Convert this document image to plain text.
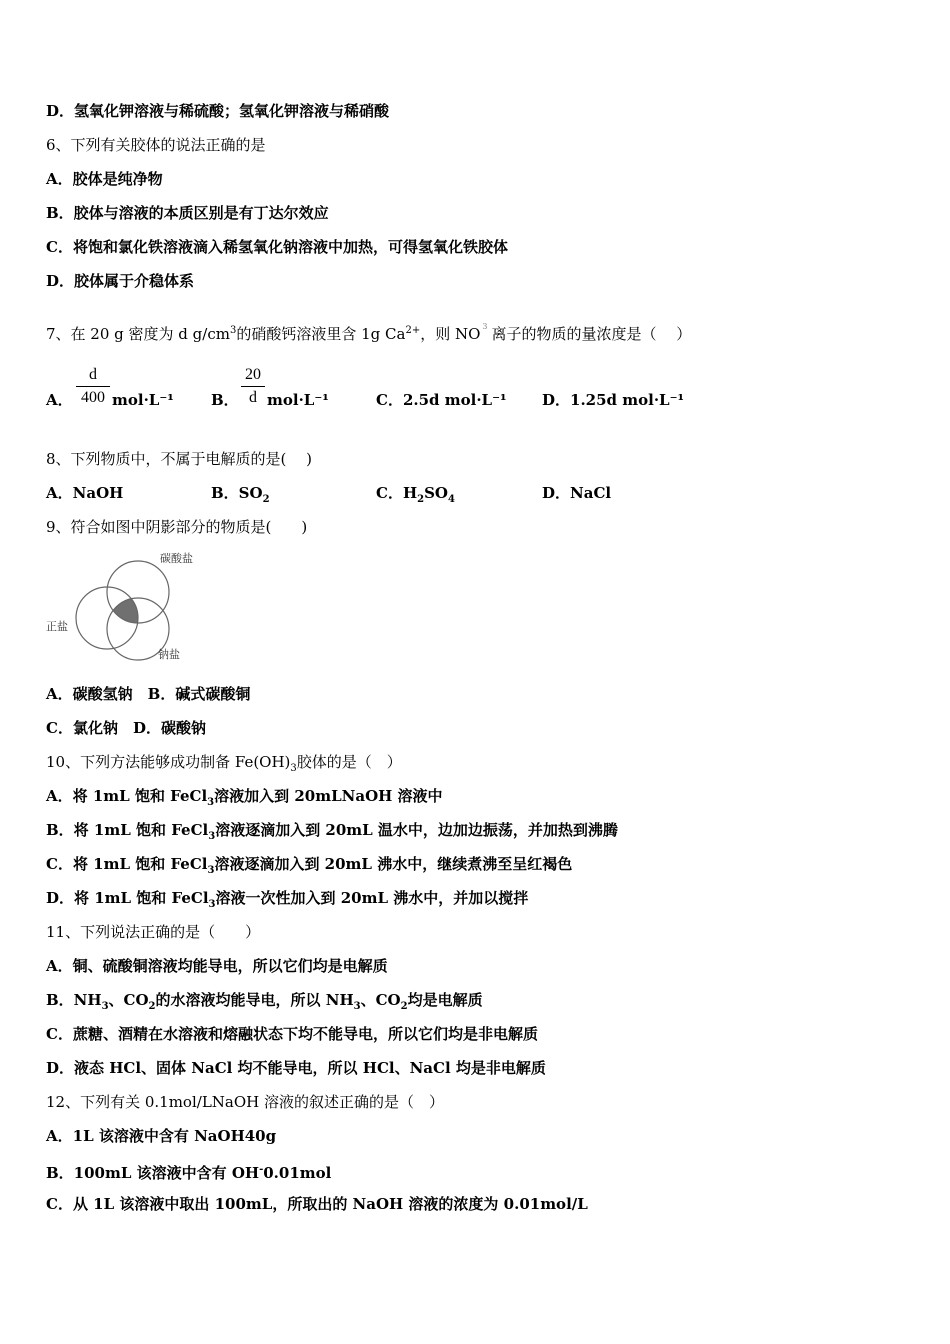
D．氢氧化钾溶液与稀硫酸；氢氧化钾溶液与稀硝酸
6、下列有关胶体的说法正确的是
A．胶体是纯净物
B．胶体与溶液的本质区别是有丁达尔效应
C．将饱和氯化铁溶液滴入稀氢氧化钠溶液中加热，可得氢氧化铁胶体
D．胶体属于介稳体系
7、在 20 g 密度为 d $g/cm^3$的硝酸钙溶液里含 1g $Ca^{2+}$，则 NO $^3$ 离子的物质的量浓度是（　 ）
A．	mol·L⁻¹ B． mol·L⁻¹	C．2.5d mol·L⁻¹ D．1.25d mol·L⁻¹
$\frac{d}{400}$	$\frac{20}{d}$
8、下列物质中，不属于电解质的是(　 )
A．NaOH	B．$SO_2$	C．$H_2SO_4$	D．NaCl
9、符合如图中阴影部分的物质是(　　)
碳酸盐
正盐
钠盐
A．碳酸氢钠　B．碱式碳酸铜
C．氯化钠　D．碳酸钠
10、下列方法能够成功制备 $Fe(OH)_3$胶体的是（　）
A．将 1mL 饱和 FeCl$_3$溶液加入到 20mLNaOH 溶液中
B．将 1mL 饱和 FeCl$_3$溶液逐滴加入到 20mL 温水中，边加边振荡，并加热到沸腾
C．将 1mL 饱和 FeCl$_3$溶液逐滴加入到 20mL 沸水中，继续煮沸至呈红褐色
D．将 1mL 饱和 FeCl$_3$溶液一次性加入到 20mL 沸水中，并加以搅拌
11、下列说法正确的是（　　）
A．铜、硫酸铜溶液均能导电，所以它们均是电解质
B．$NH_3$、$CO_2$的水溶液均能导电，所以 $NH_3$、$CO_2$均是电解质
C．蔗糖、酒精在水溶液和熔融状态下均不能导电，所以它们均是非电解质
D．液态 HCl、固体 NaCl 均不能导电，所以 HCl、NaCl 均是非电解质
12、下列有关 0.1mol/LNaOH 溶液的叙述正确的是（　）
A．1L 该溶液中含有 NaOH40g
B．100mL 该溶液中含有 OH-0.01mol
C．从 1L 该溶液中取出 100mL，所取出的 NaOH 溶液的浓度为 0.01mol/L
